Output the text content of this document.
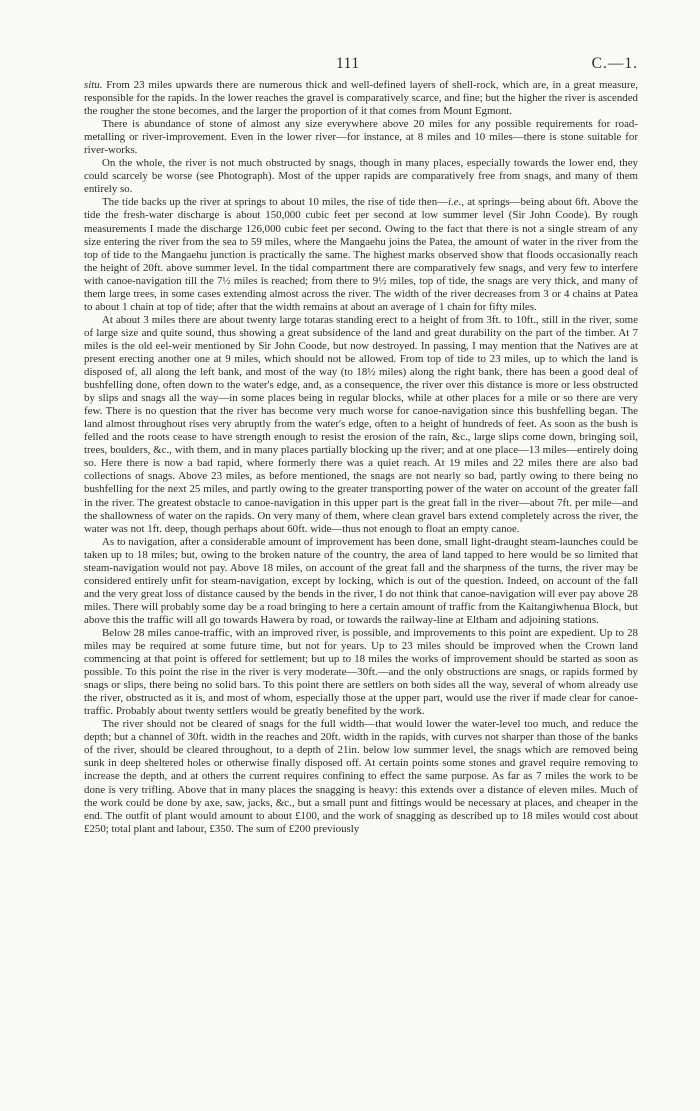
111	C.—1.

situ. From 23 miles upwards there are numerous thick and well-defined layers of shell-rock, which are, in a great measure, responsible for the rapids. In the lower reaches the gravel is comparatively scarce, and fine; but the higher the river is ascended the rougher the stone becomes, and the larger the proportion of it that comes from Mount Egmont.

There is abundance of stone of almost any size everywhere above 20 miles for any possible requirements for road-metalling or river-improvement. Even in the lower river—for instance, at 8 miles and 10 miles—there is stone suitable for river-works.

On the whole, the river is not much obstructed by snags, though in many places, especially towards the lower end, they could scarcely be worse (see Photograph). Most of the upper rapids are comparatively free from snags, and many of them entirely so.

The tide backs up the river at springs to about 10 miles, the rise of tide then—i.e., at springs—being about 6ft. Above the tide the fresh-water discharge is about 150,000 cubic feet per second at low summer level (Sir John Coode). By rough measurements I made the discharge 126,000 cubic feet per second. Owing to the fact that there is not a single stream of any size entering the river from the sea to 59 miles, where the Mangaehu joins the Patea, the amount of water in the river from the top of tide to the Mangaehu junction is practically the same. The highest marks observed show that floods occasionally reach the height of 20ft. above summer level. In the tidal compartment there are comparatively few snags, and very few to interfere with canoe-navigation till the 7½ miles is reached; from there to 9½ miles, top of tide, the snags are very thick, and many of them large trees, in some cases extending almost across the river. The width of the river decreases from 3 or 4 chains at Patea to about 1 chain at top of tide; after that the width remains at about an average of 1 chain for fifty miles.

At about 3 miles there are about twenty large totaras standing erect to a height of from 3ft. to 10ft., still in the river, some of large size and quite sound, thus showing a great subsidence of the land and great durability on the part of the timber. At 7 miles is the old eel-weir mentioned by Sir John Coode, but now destroyed. In passing, I may mention that the Natives are at present erecting another one at 9 miles, which should not be allowed. From top of tide to 23 miles, up to which the land is disposed of, all along the left bank, and most of the way (to 18½ miles) along the right bank, there has been a good deal of bushfelling done, often down to the water's edge, and, as a consequence, the river over this distance is more or less obstructed by slips and snags all the way—in some places being in regular blocks, while at other places for a mile or so there are very few. There is no question that the river has become very much worse for canoe-navigation since this bushfelling began. The land almost throughout rises very abruptly from the water's edge, often to a height of hundreds of feet. As soon as the bush is felled and the roots cease to have strength enough to resist the erosion of the rain, &c., large slips come down, bringing soil, trees, boulders, &c., with them, and in many places partially blocking up the river; and at one place—13 miles—entirely doing so. Here there is now a bad rapid, where formerly there was a quiet reach. At 19 miles and 22 miles there are also bad collections of snags. Above 23 miles, as before mentioned, the snags are not nearly so bad, partly owing to there being no bushfelling for the next 25 miles, and partly owing to the greater transporting power of the water on account of the greater fall in the river. The greatest obstacle to canoe-navigation in this upper part is the great fall in the river—about 7ft. per mile—and the shallowness of water on the rapids. On very many of them, where clean gravel bars extend completely across the river, the water was not 1ft. deep, though perhaps about 60ft. wide—thus not enough to float an empty canoe.

As to navigation, after a considerable amount of improvement has been done, small light-draught steam-launches could be taken up to 18 miles; but, owing to the broken nature of the country, the area of land tapped to here would be so limited that steam-navigation would not pay. Above 18 miles, on account of the great fall and the sharpness of the turns, the river may be considered entirely unfit for steam-navigation, except by locking, which is out of the question. Indeed, on account of the fall and the very great loss of distance caused by the bends in the river, I do not think that canoe-navigation will ever pay above 28 miles. There will probably some day be a road bringing to here a certain amount of traffic from the Kaitangiwhenua Block, but above this the traffic will all go towards Hawera by road, or towards the railway-line at Eltham and adjoining stations.

Below 28 miles canoe-traffic, with an improved river, is possible, and improvements to this point are expedient. Up to 28 miles may be required at some future time, but not for years. Up to 23 miles should be improved when the Crown land commencing at that point is offered for settlement; but up to 18 miles the works of improvement should be started as soon as possible. To this point the rise in the river is very moderate—30ft.—and the only obstructions are snags, or rapids formed by snags or slips, there being no solid bars. To this point there are settlers on both sides all the way, several of whom already use the river, obstructed as it is, and most of whom, especially those at the upper part, would use the river if made clear for canoe-traffic. Probably about twenty settlers would be greatly benefited by the work.

The river should not be cleared of snags for the full width—that would lower the water-level too much, and reduce the depth; but a channel of 30ft. width in the reaches and 20ft. width in the rapids, with curves not sharper than those of the banks of the river, should be cleared throughout, to a depth of 21in. below low summer level, the snags which are removed being sunk in deep sheltered holes or otherwise finally disposed off. At certain points some stones and gravel require removing to increase the depth, and at others the current requires confining to effect the same purpose. As far as 7 miles the work to be done is very trifling. Above that in many places the snagging is heavy: this extends over a distance of eleven miles. Much of the work could be done by axe, saw, jacks, &c., but a small punt and fittings would be necessary at places, and cheaper in the end. The outfit of plant would amount to about £100, and the work of snagging as described up to 18 miles would cost about £250; total plant and labour, £350. The sum of £200 previously
